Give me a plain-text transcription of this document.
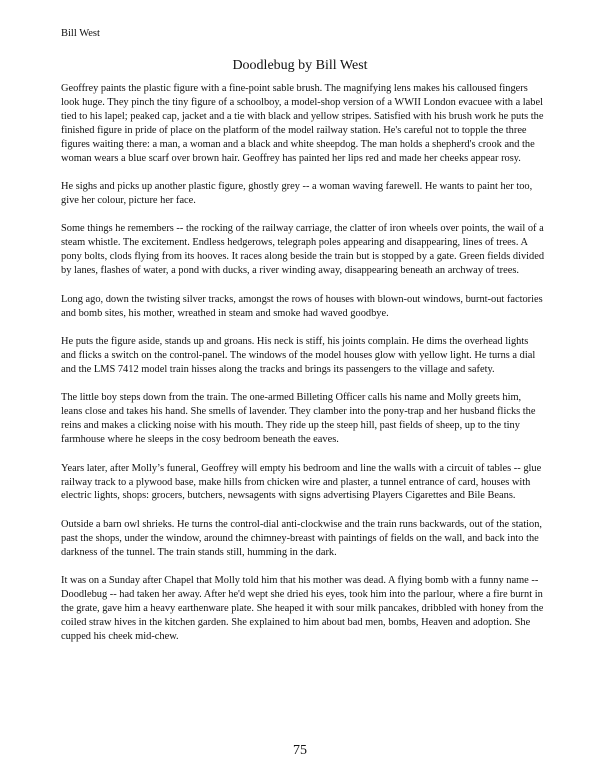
Bill West
Doodlebug by Bill West

Geoffrey paints the plastic figure with a fine-point sable brush. The magnifying lens makes his calloused fingers look huge. They pinch the tiny figure of a schoolboy, a model-shop version of a WWII London evacuee with a label tied to his lapel; peaked cap, jacket and a tie with black and yellow stripes. Satisfied with his brush work he puts the finished figure in pride of place on the platform of the model railway station. He's careful not to topple the three figures waiting there: a man, a woman and a black and white sheepdog. The man holds a shepherd's crook and the woman wears a blue scarf over brown hair. Geoffrey has painted her lips red and made her cheeks appear rosy.

He sighs and picks up another plastic figure, ghostly grey -- a woman waving farewell. He wants to paint her too, give her colour, picture her face.

Some things he remembers -- the rocking of the railway carriage, the clatter of iron wheels over points, the wail of a steam whistle. The excitement. Endless hedgerows, telegraph poles appearing and disappearing, lines of trees. A pony bolts, clods flying from its hooves. It races along beside the train but is stopped by a gate. Green fields divided by lanes, flashes of water, a pond with ducks, a river winding away, disappearing beneath an archway of trees.

Long ago, down the twisting silver tracks, amongst the rows of houses with blown-out windows, burnt-out factories and bomb sites, his mother, wreathed in steam and smoke had waved goodbye.

He puts the figure aside, stands up and groans. His neck is stiff, his joints complain. He dims the overhead lights and flicks a switch on the control-panel. The windows of the model houses glow with yellow light. He turns a dial and the LMS 7412 model train hisses along the tracks and brings its passengers to the village and safety.

The little boy steps down from the train. The one-armed Billeting Officer calls his name and Molly greets him, leans close and takes his hand. She smells of lavender. They clamber into the pony-trap and her husband flicks the reins and makes a clicking noise with his mouth. They ride up the steep hill, past fields of sheep, up to the tiny farmhouse where he sleeps in the cosy bedroom beneath the eaves.

Years later, after Molly’s funeral, Geoffrey will empty his bedroom and line the walls with a circuit of tables -- glue railway track to a plywood base, make hills from chicken wire and plaster, a tunnel entrance of card, houses with electric lights, shops: grocers, butchers, newsagents with signs advertising Players Cigarettes and Bile Beans.

Outside a barn owl shrieks. He turns the control-dial anti-clockwise and the train runs backwards, out of the station, past the shops, under the window, around the chimney-breast with paintings of fields on the wall, and back into the darkness of the tunnel. The train stands still, humming in the dark.

It was on a Sunday after Chapel that Molly told him that his mother was dead. A flying bomb with a funny name -- Doodlebug -- had taken her away. After he'd wept she dried his eyes, took him into the parlour, where a fire burnt in the grate, gave him a heavy earthenware plate. She heaped it with sour milk pancakes, dribbled with honey from the coiled straw hives in the kitchen garden. She explained to him about bad men, bombs, Heaven and adoption. She cupped his cheek mid-chew.

75
